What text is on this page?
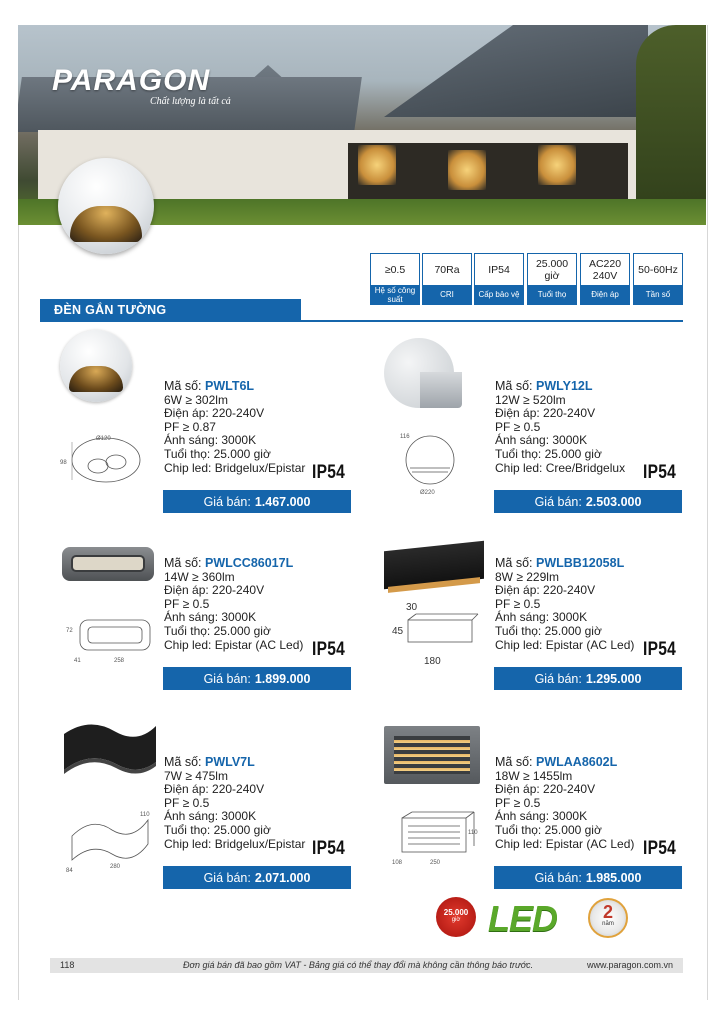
PARAGON
Chất lượng là tất cả
≥0.5
Hệ số công suất
70Ra
CRI
IP54
Cấp bảo vệ
25.000 giờ
Tuổi thọ
AC220 240V
Điện áp
50-60Hz
Tần số
ĐÈN GẮN TƯỜNG
Ø120
98
Mã số: PWLT6L
6W ≥ 302lm
Điện áp: 220-240V
PF ≥ 0.87
Ánh sáng: 3000K
Tuổi thọ: 25.000 giờ
Chip led: Bridgelux/Epistar IP54
Giá bán: 1.467.000
116
Ø220
Mã số: PWLY12L
12W ≥ 520lm
Điện áp: 220-240V
PF ≥ 0.5
Ánh sáng: 3000K
Tuổi thọ: 25.000 giờ
Chip led: Cree/Bridgelux IP54
Giá bán: 2.503.000
72
41	258
Mã số: PWLCC86017L
14W ≥ 360lm
Điện áp: 220-240V
PF ≥ 0.5
Ánh sáng: 3000K
Tuổi thọ: 25.000 giờ
Chip led: Epistar (AC Led) IP54
Giá bán: 1.899.000
30
45
180
Mã số: PWLBB12058L
8W ≥ 229lm
Điện áp: 220-240V
PF ≥ 0.5
Ánh sáng: 3000K
Tuổi thọ: 25.000 giờ
Chip led: Epistar (AC Led) IP54
Giá bán: 1.295.000
110
84
280
Mã số: PWLV7L
7W ≥ 475lm
Điện áp: 220-240V
PF ≥ 0.5
Ánh sáng: 3000K
Tuổi thọ: 25.000 giờ
Chip led: Bridgelux/Epistar IP54
Giá bán: 2.071.000
110
108	250
Mã số: PWLAA8602L
18W ≥ 1455lm
Điện áp: 220-240V
PF ≥ 0.5
Ánh sáng: 3000K
Tuổi thọ: 25.000 giờ
Chip led: Epistar (AC Led) IP54
Giá bán: 1.985.000
25.000
giờ LED	2
năm
118	Đơn giá bán đã bao gồm VAT - Bảng giá có thể thay đổi mà không cần thông báo trước.	www.paragon.com.vn
